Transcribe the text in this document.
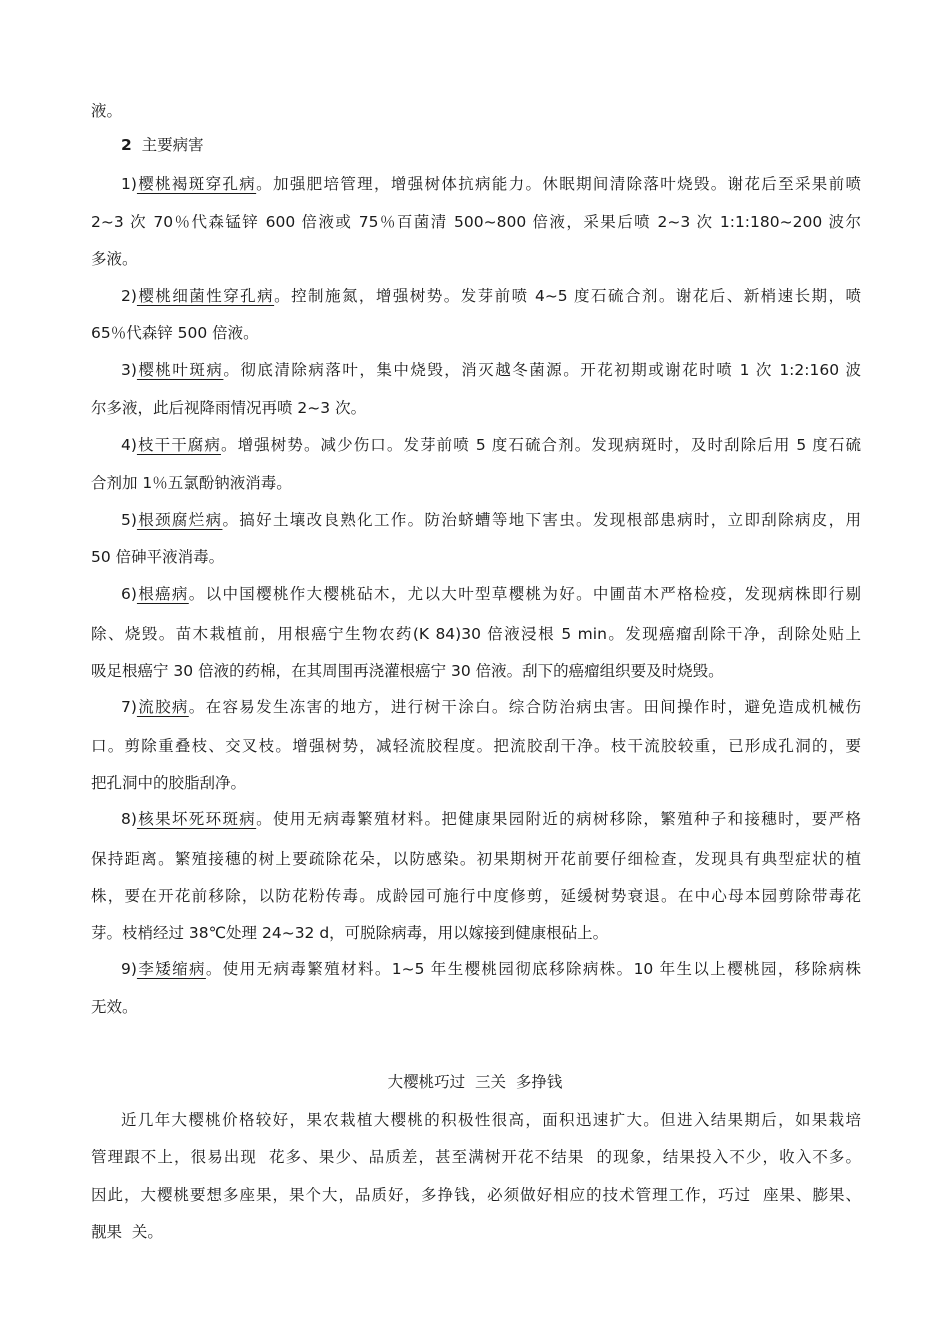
液。
2 主要病害
1)樱桃褐斑穿孔病。加强肥培管理，增强树体抗病能力。休眠期间清除落叶烧毁。谢花后至采果前喷
2~3 次 70％代森锰锌 600 倍液或 75％百菌清 500~800 倍液，采果后喷 2~3 次 1:1:180~200 波尔
多液。
2)樱桃细菌性穿孔病。控制施氮，增强树势。发芽前喷 4~5 度石硫合剂。谢花后、新梢速长期，喷
65％代森锌 500 倍液。
3)樱桃叶斑病。彻底清除病落叶，集中烧毁，消灭越冬菌源。开花初期或谢花时喷 1 次 1:2:160 波
尔多液，此后视降雨情况再喷 2~3 次。
4)枝干干腐病。增强树势。减少伤口。发芽前喷 5 度石硫合剂。发现病斑时，及时刮除后用 5 度石硫
合剂加 1％五氯酚钠液消毒。
5)根颈腐烂病。搞好土壤改良熟化工作。防治蛴螬等地下害虫。发现根部患病时，立即刮除病皮，用
50 倍砷平液消毒。
6)根癌病。以中国樱桃作大樱桃砧木，尤以大叶型草樱桃为好。中圃苗木严格检疫，发现病株即行剔
除、烧毁。苗木栽植前，用根癌宁生物农药(K 84)30 倍液浸根 5 min。发现癌瘤刮除干净，刮除处贴上
吸足根癌宁 30 倍液的药棉，在其周围再浇灌根癌宁 30 倍液。刮下的癌瘤组织要及时烧毁。
7)流胶病。在容易发生冻害的地方，进行树干涂白。综合防治病虫害。田间操作时，避免造成机械伤
口。剪除重叠枝、交叉枝。增强树势，减轻流胶程度。把流胶刮干净。枝干流胶较重，已形成孔洞的，要
把孔洞中的胶脂刮净。
8)核果坏死环斑病。使用无病毒繁殖材料。把健康果园附近的病树移除，繁殖种子和接穗时，要严格
保持距离。繁殖接穗的树上要疏除花朵，以防感染。初果期树开花前要仔细检查，发现具有典型症状的植
株，要在开花前移除，以防花粉传毒。成龄园可施行中度修剪，延缓树势衰退。在中心母本园剪除带毒花
芽。枝梢经过 38℃处理 24~32 d，可脱除病毒，用以嫁接到健康根砧上。
9)李矮缩病。使用无病毒繁殖材料。1~5 年生樱桃园彻底移除病株。10 年生以上樱桃园，移除病株
无效。
大樱桃巧过  三关  多挣钱
近几年大樱桃价格较好，果农栽植大樱桃的积极性很高，面积迅速扩大。但进入结果期后，如果栽培
管理跟不上，很易出现  花多、果少、品质差，甚至满树开花不结果  的现象，结果投入不少，收入不多。
因此，大樱桃要想多座果，果个大，品质好，多挣钱，必须做好相应的技术管理工作，巧过  座果、膨果、
靓果  关。
